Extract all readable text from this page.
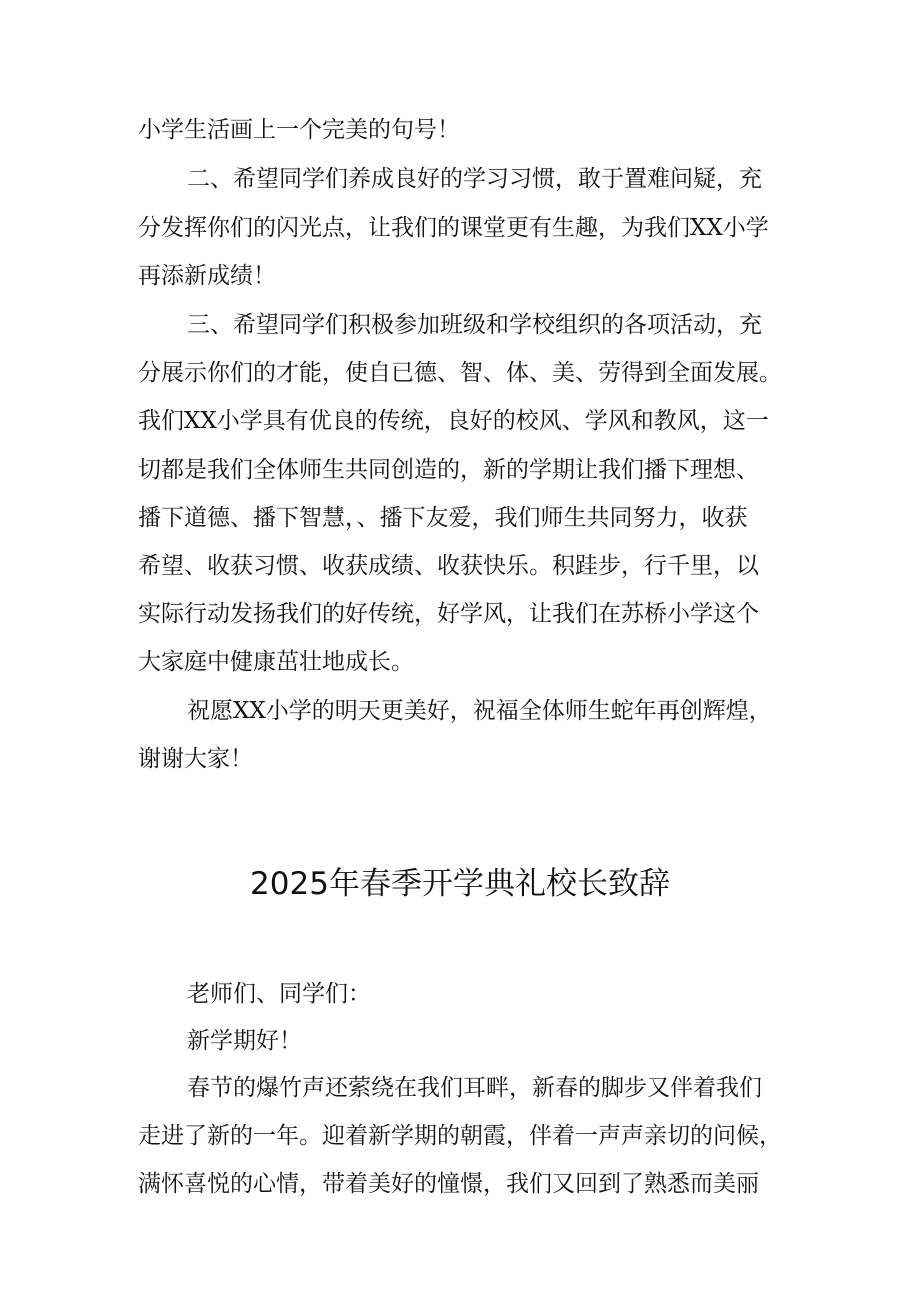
小学生活画上一个完美的句号！

二、希望同学们养成良好的学习习惯，敢于置难问疑，充

分发挥你们的闪光点，让我们的课堂更有生趣，为我们XX小学

再添新成绩！

三、希望同学们积极参加班级和学校组织的各项活动，充

分展示你们的才能，使自已德、智、体、美、劳得到全面发展。

我们XX小学具有优良的传统，良好的校风、学风和教风，这一

切都是我们全体师生共同创造的，新的学期让我们播下理想、

播下道德、播下智慧，、播下友爱，我们师生共同努力，收获

希望、收获习惯、收获成绩、收获快乐。积跬步，行千里，以

实际行动发扬我们的好传统，好学风，让我们在苏桥小学这个

大家庭中健康茁壮地成长。

祝愿XX小学的明天更美好，祝福全体师生蛇年再创辉煌，

谢谢大家！

2025年春季开学典礼校长致辞

老师们、同学们：

新学期好！

春节的爆竹声还萦绕在我们耳畔，新春的脚步又伴着我们

走进了新的一年。迎着新学期的朝霞，伴着一声声亲切的问候，

满怀喜悦的心情，带着美好的憧憬，我们又回到了熟悉而美丽
